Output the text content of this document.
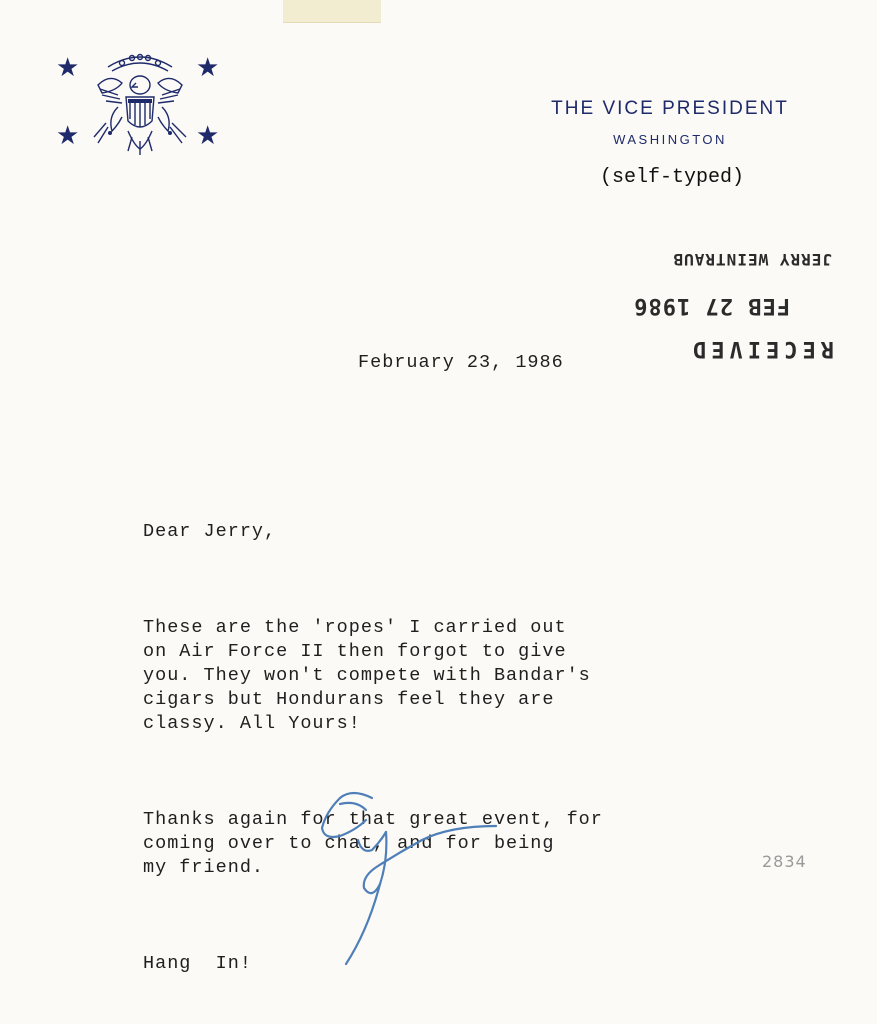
★	★
★	★
THE VICE PRESIDENT
WASHINGTON
(self-typed)
RECEIVED
FEB 27 1986
JERRY WEINTRAUB
February 23, 1986

Dear Jerry,

These are the 'ropes' I carried out
on Air Force II then forgot to give
you. They won't compete with Bandar's
cigars but Hondurans feel they are
classy. All Yours!

Thanks again for that great event, for
coming over to chat, and for being
my friend.

Hang  In!

2834
